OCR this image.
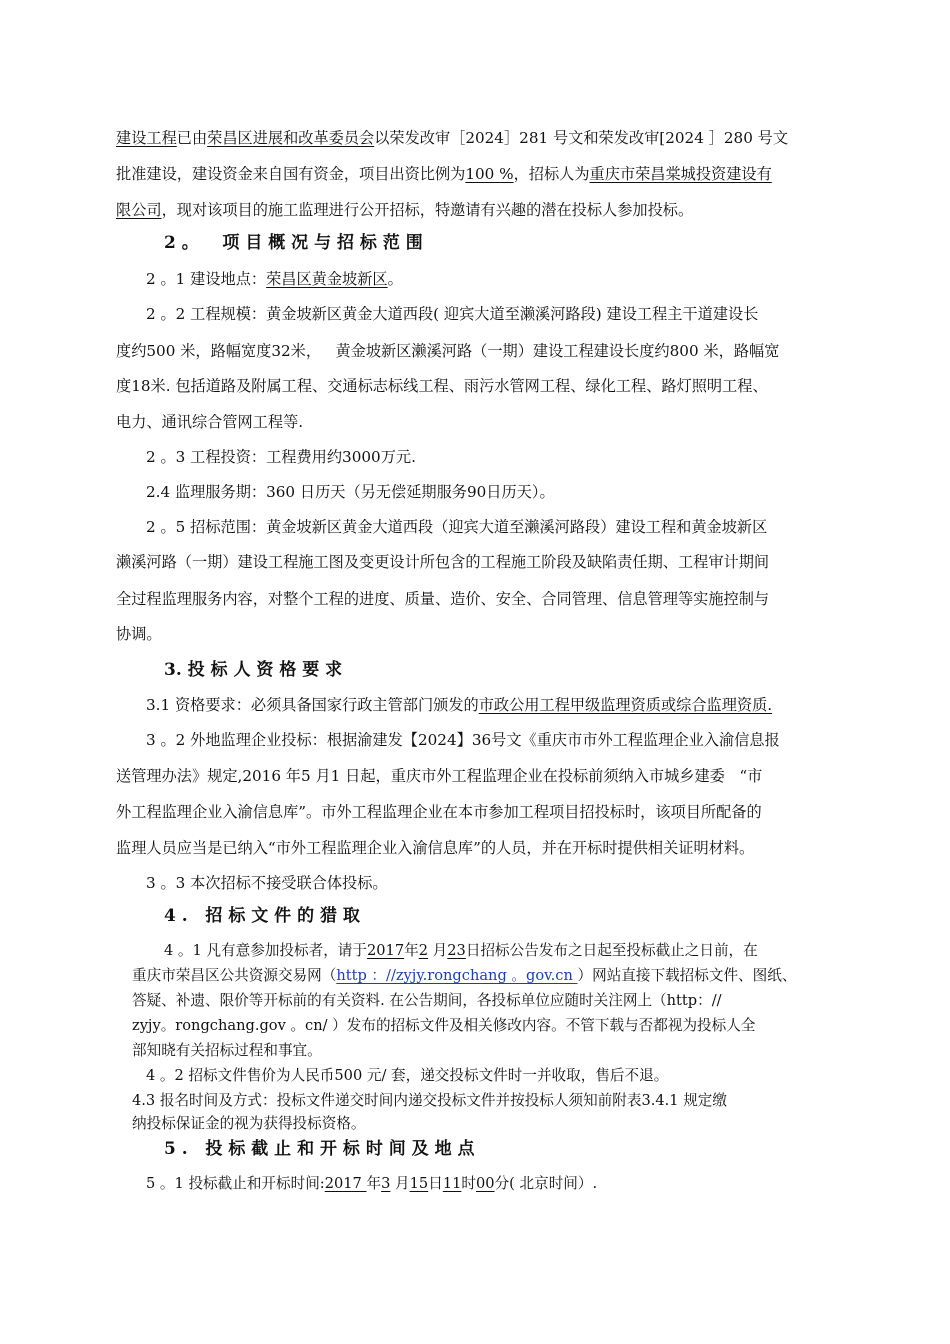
建设工程已由荣昌区进展和改革委员会以荣发改审［2024］281 号文和荣发改审[2024 ］280 号文
批准建设，建设资金来自国有资金，项目出资比例为100 %，招标人为重庆市荣昌棠城投资建设有
限公司，现对该项目的施工监理进行公开招标，特邀请有兴趣的潜在投标人参加投标。
2 。    项 目 概 况 与 招 标 范 围
2 。1 建设地点：荣昌区黄金坡新区。
2 。2 工程规模：黄金坡新区黄金大道西段( 迎宾大道至濑溪河路段) 建设工程主干道建设长
度约500 米，路幅宽度32米，   黄金坡新区濑溪河路（一期）建设工程建设长度约800 米，路幅宽
度18米. 包括道路及附属工程、交通标志标线工程、雨污水管网工程、绿化工程、路灯照明工程、
电力、通讯综合管网工程等.
2 。3 工程投资：工程费用约3000万元.
2.4 监理服务期：360 日历天（另无偿延期服务90日历天）。
2 。5 招标范围：黄金坡新区黄金大道西段（迎宾大道至濑溪河路段）建设工程和黄金坡新区
濑溪河路（一期）建设工程施工图及变更设计所包含的工程施工阶段及缺陷责任期、工程审计期间
全过程监理服务内容，对整个工程的进度、质量、造价、安全、合同管理、信息管理等实施控制与
协调。
3. 投 标 人 资 格 要 求
3.1 资格要求：必须具备国家行政主管部门颁发的市政公用工程甲级监理资质或综合监理资质.
3 。2 外地监理企业投标：根据渝建发【2024】36号文《重庆市市外工程监理企业入渝信息报
送管理办法》规定,2016 年5 月1 日起，重庆市外工程监理企业在投标前须纳入市城乡建委   “市
外工程监理企业入渝信息库”。市外工程监理企业在本市参加工程项目招投标时，该项目所配备的
监理人员应当是已纳入“市外工程监理企业入渝信息库”的人员，并在开标时提供相关证明材料。
3 。3 本次招标不接受联合体投标。
4 .   招 标 文 件 的 猎 取
4 。1 凡有意参加投标者，请于2017年2 月23日招标公告发布之日起至投标截止之日前，在
重庆市荣昌区公共资源交易网（http ：//zyjy.rongchang 。gov.cn ）网站直接下载招标文件、图纸、
答疑、补遗、限价等开标前的有关资料. 在公告期间，各投标单位应随时关注网上（http：//
zyjy。rongchang.gov 。cn/ ）发布的招标文件及相关修改内容。不管下载与否都视为投标人全
部知晓有关招标过程和事宜。
4 。2 招标文件售价为人民币500 元/ 套，递交投标文件时一并收取，售后不退。
4.3 报名时间及方式：投标文件递交时间内递交投标文件并按投标人须知前附表3.4.1 规定缴
纳投标保证金的视为获得投标资格。
5 .   投 标 截 止 和 开 标 时 间 及 地 点
5 。1 投标截止和开标时间:2017 年3 月15日11时00分( 北京时间）.
